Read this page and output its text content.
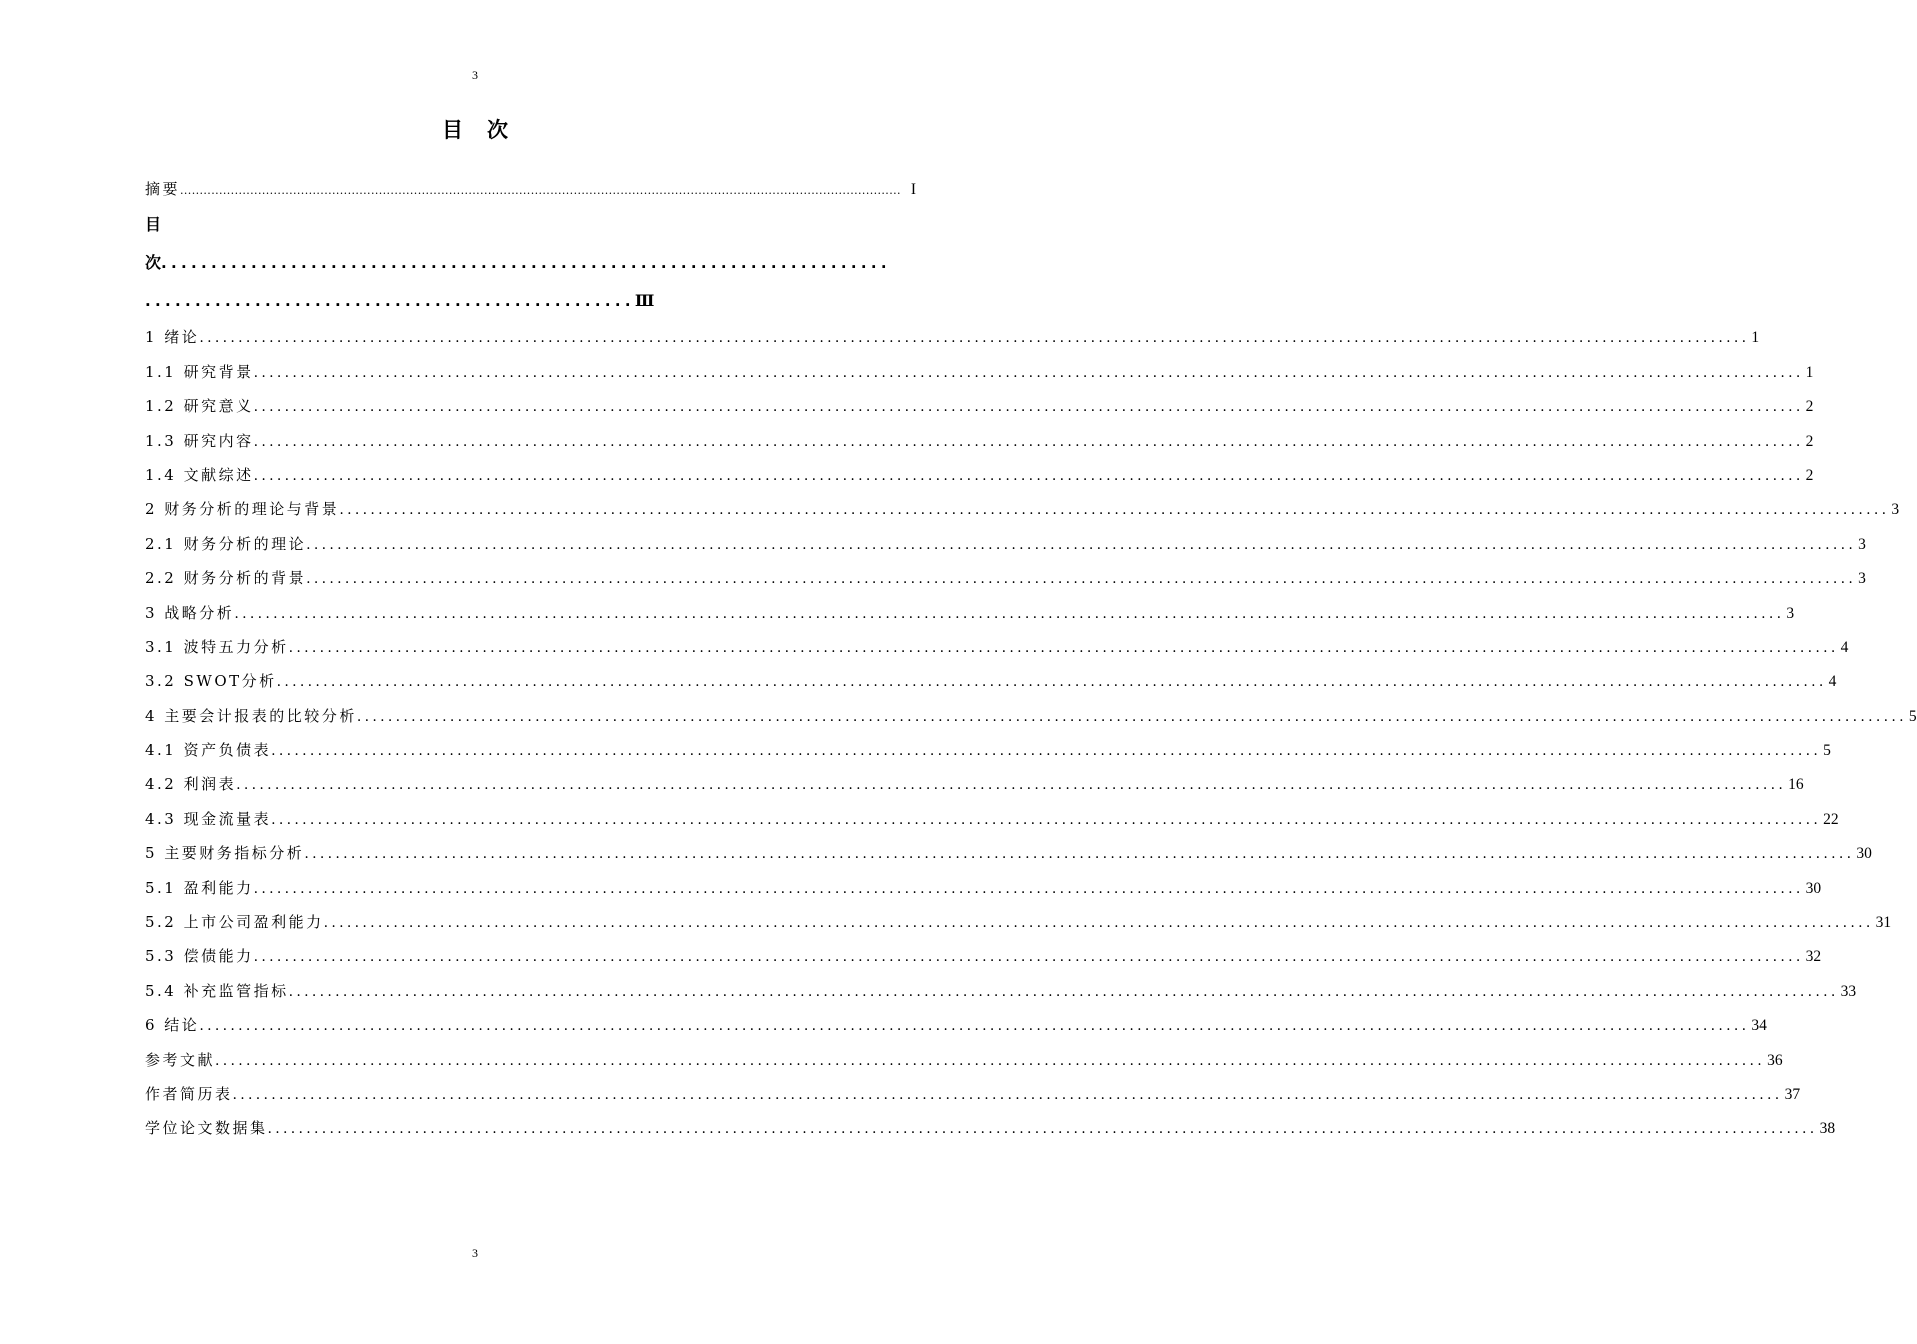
3
目 次
摘要 ......................................................................................................................................................................................... I
目
次.........................................................................
.................................................Ⅲ
1 绪论 ........................................................................................................................................................................................................ 1
1.1 研究背景 ........................................................................................................................................................................................................ 1
1.2 研究意义 ........................................................................................................................................................................................................ 2
1.3 研究内容 ........................................................................................................................................................................................................ 2
1.4 文献综述 ........................................................................................................................................................................................................ 2
2 财务分析的理论与背景 ........................................................................................................................................................................................................ 3
2.1 财务分析的理论 ........................................................................................................................................................................................................ 3
2.2 财务分析的背景 ........................................................................................................................................................................................................ 3
3 战略分析 ........................................................................................................................................................................................................ 3
3.1 波特五力分析 ........................................................................................................................................................................................................ 4
3.2 SWOT分析 ........................................................................................................................................................................................................ 4
4 主要会计报表的比较分析 ........................................................................................................................................................................................................ 5
4.1 资产负债表 ........................................................................................................................................................................................................ 5
4.2 利润表 ........................................................................................................................................................................................................ 16
4.3 现金流量表 ........................................................................................................................................................................................................ 22
5 主要财务指标分析 ........................................................................................................................................................................................................ 30
5.1 盈利能力 ........................................................................................................................................................................................................ 30
5.2 上市公司盈利能力 ........................................................................................................................................................................................................ 31
5.3 偿债能力 ........................................................................................................................................................................................................ 32
5.4 补充监管指标 ........................................................................................................................................................................................................ 33
6 结论 ........................................................................................................................................................................................................ 34
参考文献 ........................................................................................................................................................................................................ 36
作者简历表 ........................................................................................................................................................................................................ 37
学位论文数据集 ........................................................................................................................................................................................................ 38
3
